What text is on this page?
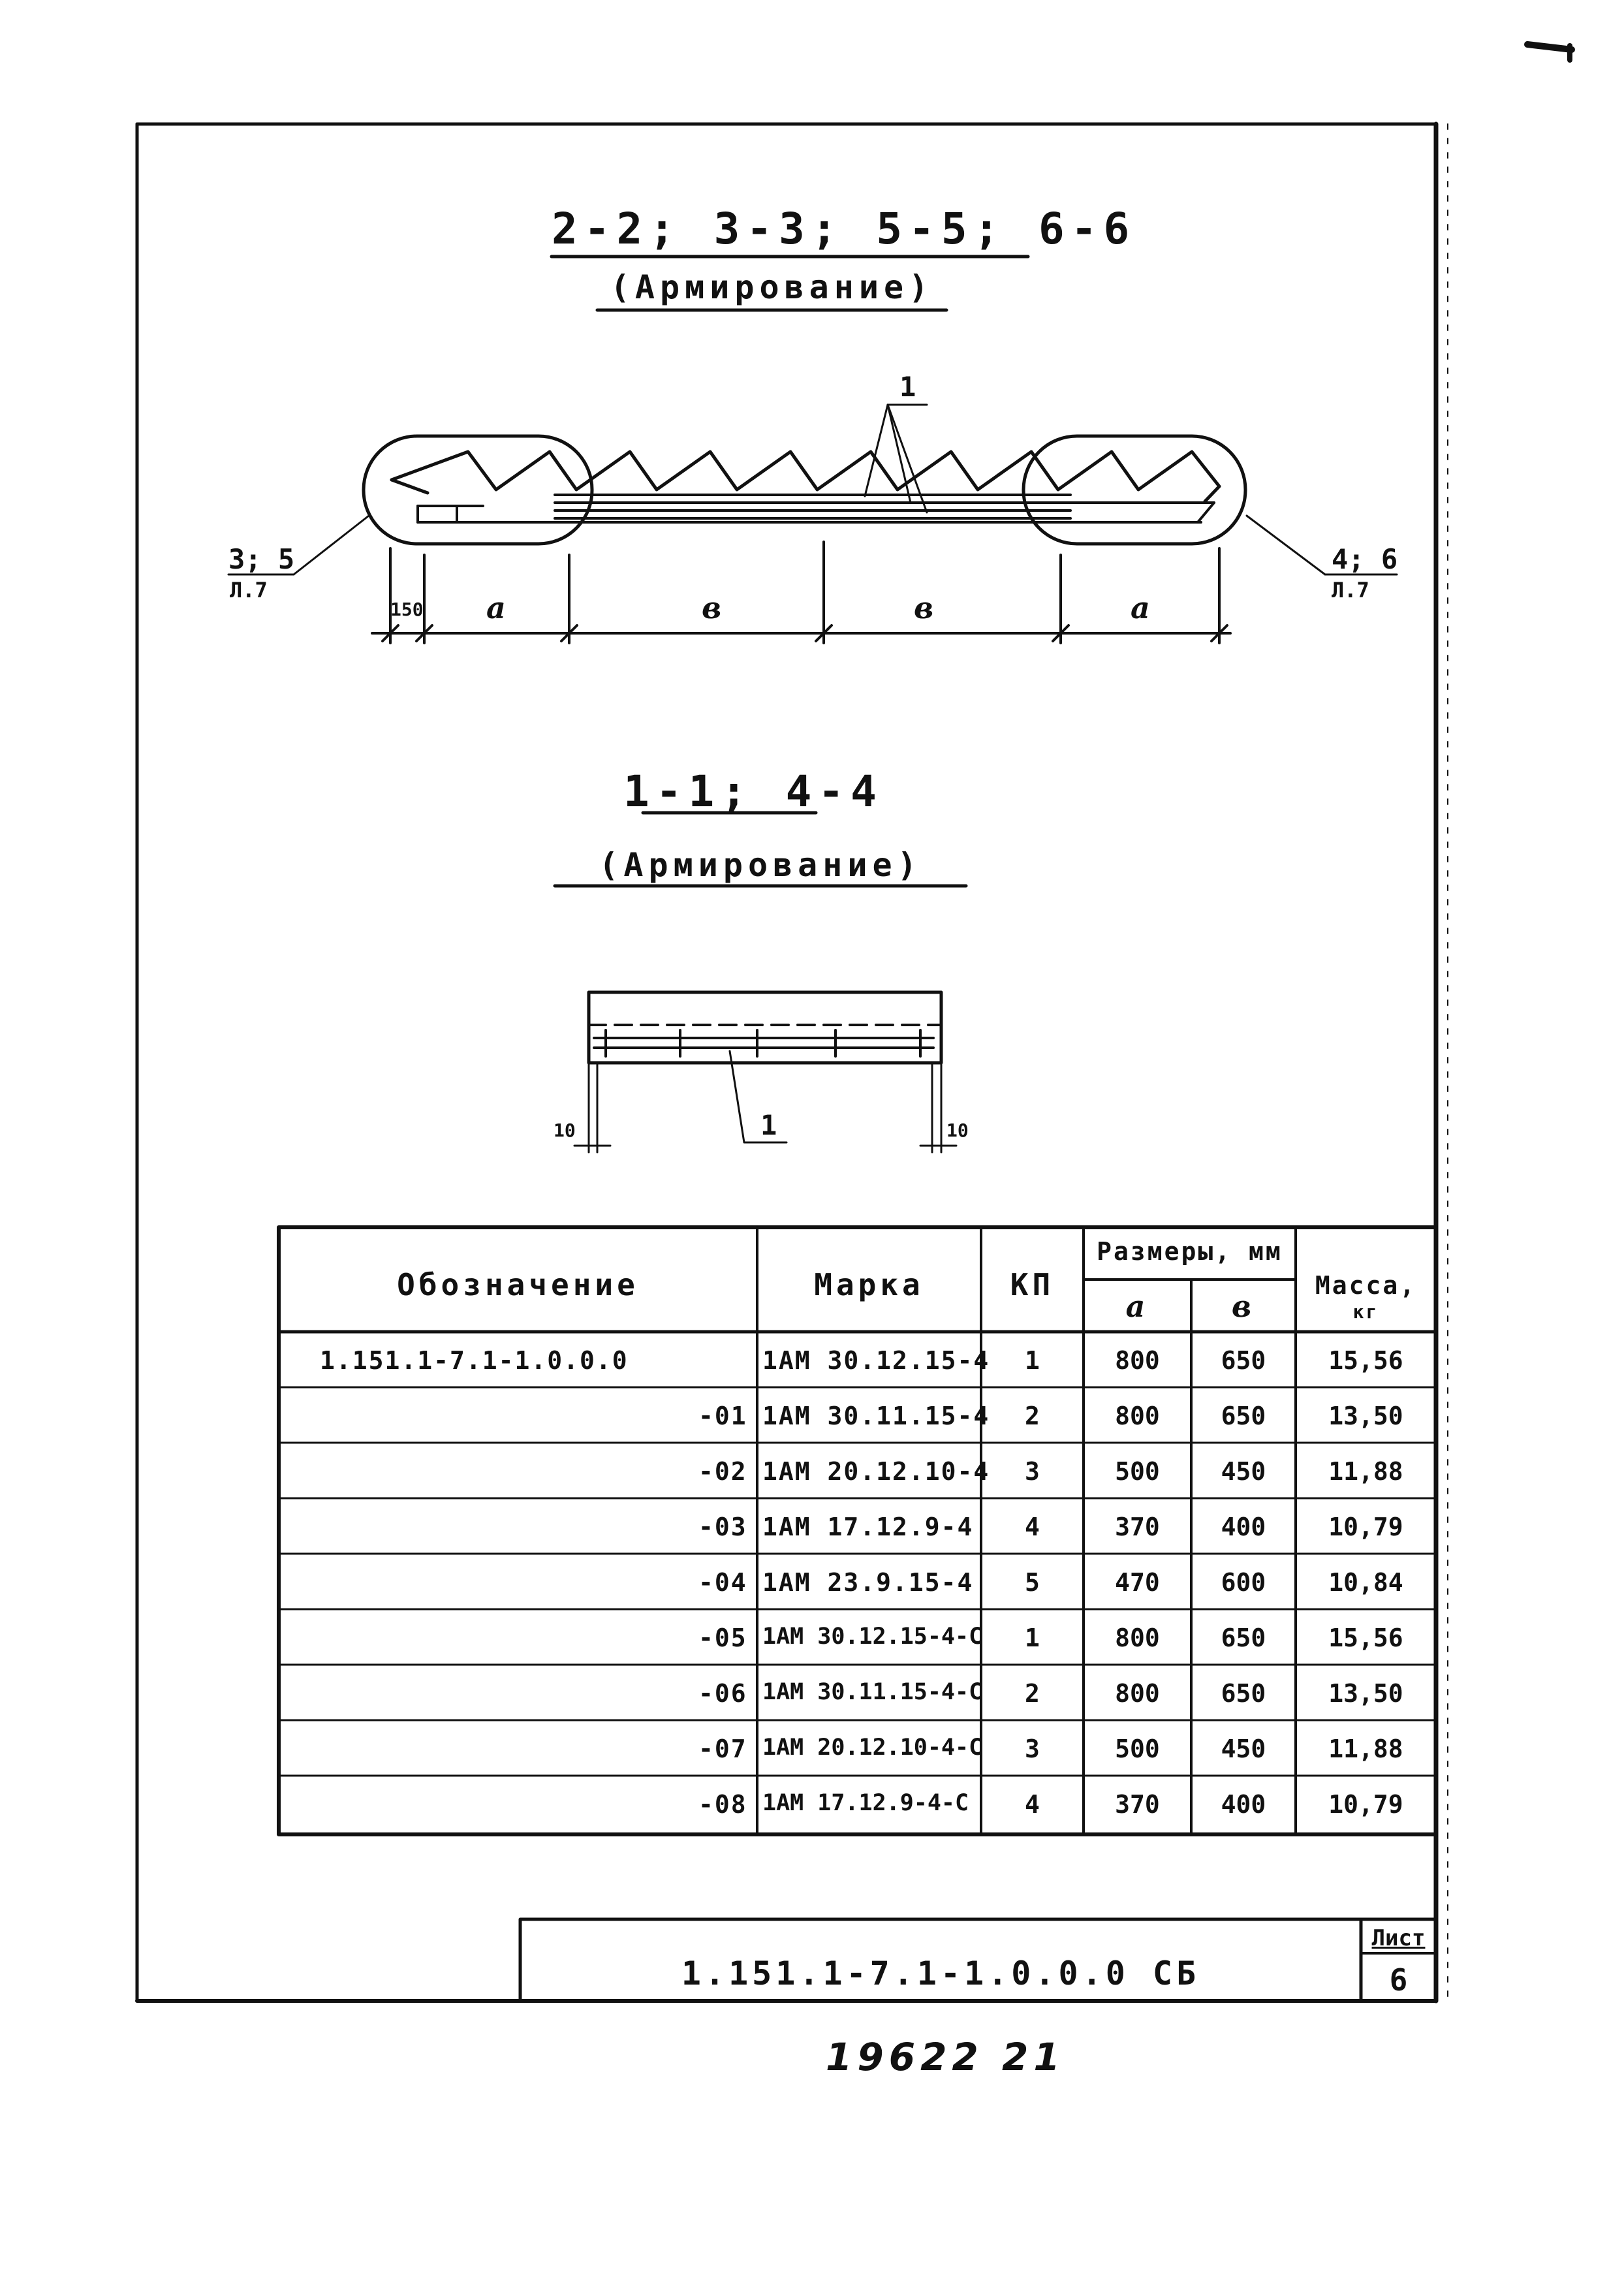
2-2; 3-3; 5-5; 6-6
(Армирование)
1
3; 5
Л.7
4; 6
Л.7
150 a	в	в	a
1-1; 4-4
(Армирование)
1
10	10
Обозначение	Марка	КП
Размеры, мм
a	в
Масса,
кг
1.151.1-7.1-1.0.0.0	1АМ 30.12.15-4	1	800	650	15,56
-01 1АМ 30.11.15-4	2	800	650	13,50
-02 1АМ 20.12.10-4	3	500	450	11,88
-03 1АМ 17.12.9-4	4	370	400	10,79
-04 1АМ 23.9.15-4	5	470	600	10,84
-05 1АМ 30.12.15-4-С	1	800	650	15,56
-06 1АМ 30.11.15-4-С	2	800	650	13,50
-07 1АМ 20.12.10-4-С	3	500	450	11,88
-08 1АМ 17.12.9-4-С	4	370	400	10,79
1.151.1-7.1-1.0.0.0 СБ
Лист
6
19622 21
